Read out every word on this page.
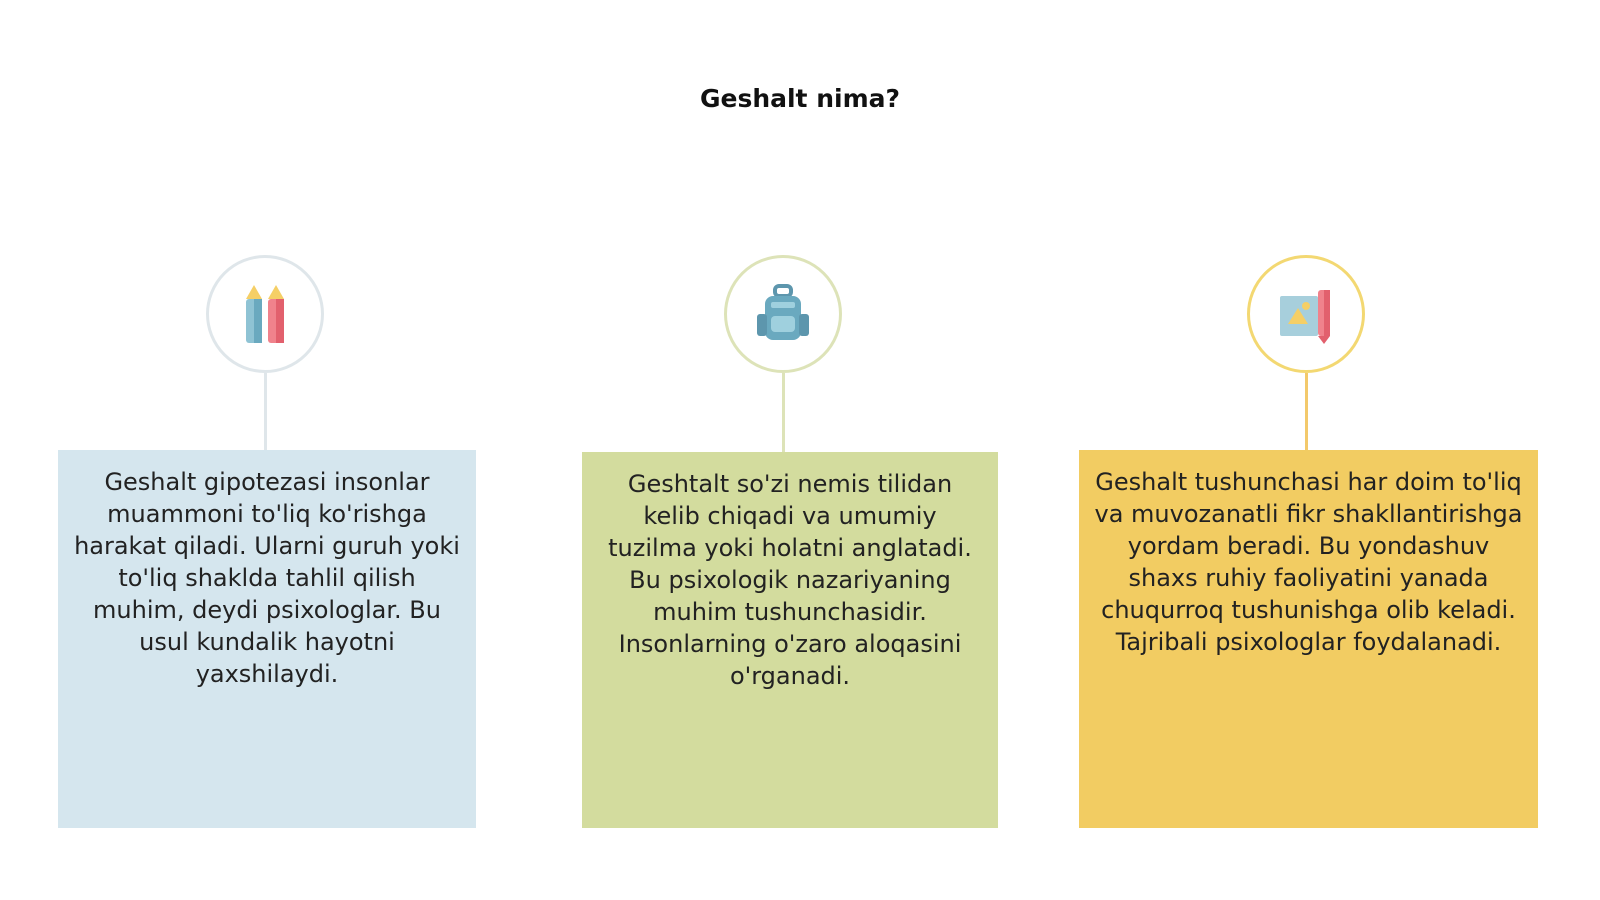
Geshalt nima?

Geshalt gipotezasi insonlar muammoni to'liq ko'rishga harakat qiladi. Ularni guruh yoki to'liq shaklda tahlil qilish muhim, deydi psixologlar. Bu usul kundalik hayotni yaxshilaydi.

Geshtalt so'zi nemis tilidan kelib chiqadi va umumiy tuzilma yoki holatni anglatadi. Bu psixologik nazariyaning muhim tushunchasidir. Insonlarning o'zaro aloqasini o'rganadi.

Geshalt tushunchasi har doim to'liq va muvozanatli fikr shakllantirishga yordam beradi. Bu yondashuv shaxs ruhiy faoliyatini yanada chuqurroq tushunishga olib keladi. Tajribali psixologlar foydalanadi.
